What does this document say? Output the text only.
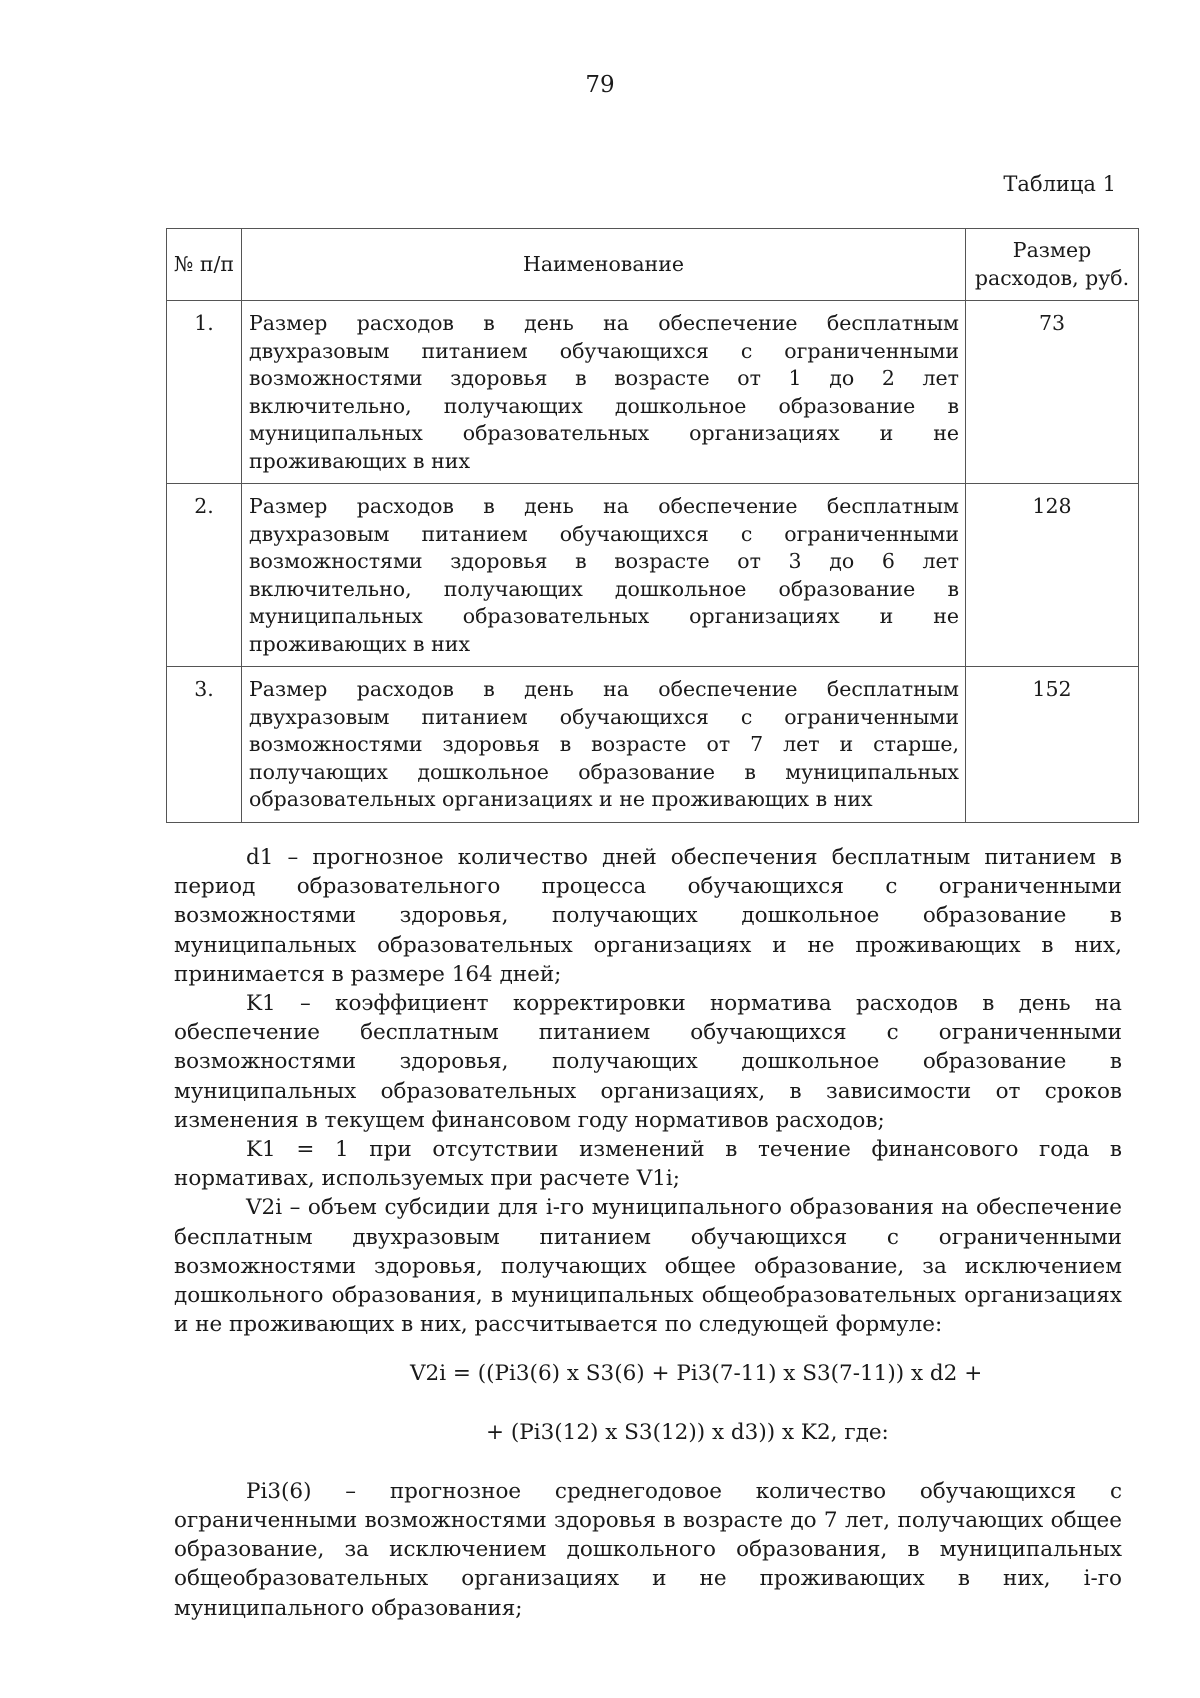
79
Таблица 1
№ п/п	Наименование	Размер расходов, руб.
1.	Размер расходов в день на обеспечение бесплатным двухразовым питанием обучающихся с ограниченными возможностями здоровья в возрасте от 1 до 2 лет включительно, получающих дошкольное образование в муниципальных образовательных организациях и не проживающих в них	73
2.	Размер расходов в день на обеспечение бесплатным двухразовым питанием обучающихся с ограниченными возможностями здоровья в возрасте от 3 до 6 лет включительно, получающих дошкольное образование в муниципальных образовательных организациях и не проживающих в них	128
3.	Размер расходов в день на обеспечение бесплатным двухразовым питанием обучающихся с ограниченными возможностями здоровья в возрасте от 7 лет и старше, получающих дошкольное образование в муниципальных образовательных организациях и не проживающих в них	152

d1 – прогнозное количество дней обеспечения бесплатным питанием в период образовательного процесса обучающихся с ограниченными возможностями здоровья, получающих дошкольное образование в муниципальных образовательных организациях и не проживающих в них, принимается в размере 164 дней;

K1 – коэффициент корректировки норматива расходов в день на обеспечение бесплатным питанием обучающихся с ограниченными возможностями здоровья, получающих дошкольное образование в муниципальных образовательных организациях, в зависимости от сроков изменения в текущем финансовом году нормативов расходов;

K1 = 1 при отсутствии изменений в течение финансового года в нормативах, используемых при расчете V1i;

V2i – объем субсидии для i-го муниципального образования на обеспечение бесплатным двухразовым питанием обучающихся с ограниченными возможностями здоровья, получающих общее образование, за исключением дошкольного образования, в муниципальных общеобразовательных организациях и не проживающих в них, рассчитывается по следующей формуле:

V2i = ((Pi3(6) x S3(6) + Pi3(7-11) x S3(7-11)) x d2 +

+ (Pi3(12) x S3(12)) x d3)) x K2, где:

Pi3(6) – прогнозное среднегодовое количество обучающихся с ограниченными возможностями здоровья в возрасте до 7 лет, получающих общее образование, за исключением дошкольного образования, в муниципальных общеобразовательных организациях и не проживающих в них, i-го муниципального образования;
